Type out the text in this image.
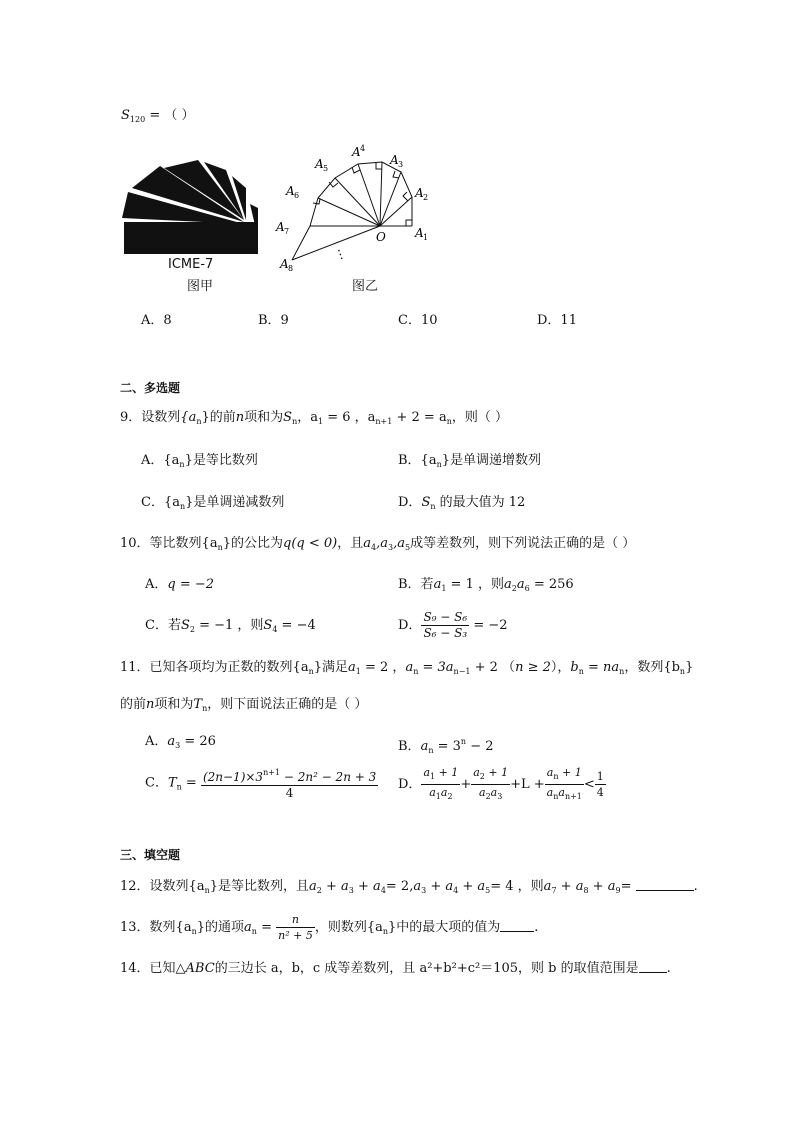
$S_{120}$ = （ ）
ICME-7
图甲
A 1
A 2
A 3
A 4
A 5
A 6
A 7
A 8
O
⋮
图乙
A．8	B．9	C．10	D．11
二、多选题
9．设数列$\{a_n\}$的前n项和为$S_n$，$a_1 = 6$ ，$a_{n+1} + 2 = a_n$，则（ ）
A．$\{a_n\}$是等比数列	B．$\{a_n\}$是单调递增数列
C．$\{a_n\}$是单调递减数列	D．$S_n$ 的最大值为 12
10．等比数列$\{a_n\}$的公比为q(q < 0)，且$a_4,a_3,a_5$成等差数列，则下列说法正确的是（ ）
A．q = −2	B．若$a_1 = 1$ ，则$a_2a_6 = 256$
C．若$S_2 = -1$ ，则$S_4 = -4$	D． $\frac{\text{S₉ − S₆}}{\text{S₆ − S₃}} = -2$
11．已知各项均为正数的数列$\{a_n\}$满足$a_1 = 2$ ，$a_n = 3a_{n-1} + 2$ （n ≥ 2），$b_n = na_n$，数列$\{b_n\}$
的前n项和为$T_n$，则下面说法正确的是（ ）
A．$a_3 = 26$	B．$a_n = 3^n - 2$
C．$T_n = \frac{(2n-1)\times 3^{n+1} - 2n^2 - 2n + 3}{4}$ D． $\frac{a_1 + 1}{a_1a_2} + \frac{a_2 + 1}{a_2a_3} +L + \frac{a_n + 1}{a_na_{n+1}} < \frac{1}{4}$
三、填空题
12．设数列$\{a_n\}$是等比数列，且$a_2 + a_3 + a_4= 2,a_3 + a_4 + a_5= 4$ ，则$a_7 + a_8 + a_9=$	.
13．数列$\{a_n\}$的通项$a_n = \frac{n}{\text{n² + 5}}$ ，则数列$\{a_n\}$中的最大项的值为	.
14．已知△ABC的三边长 a，b，c 成等差数列，且 a²+b²+c²＝105，则 b 的取值范围是 .
